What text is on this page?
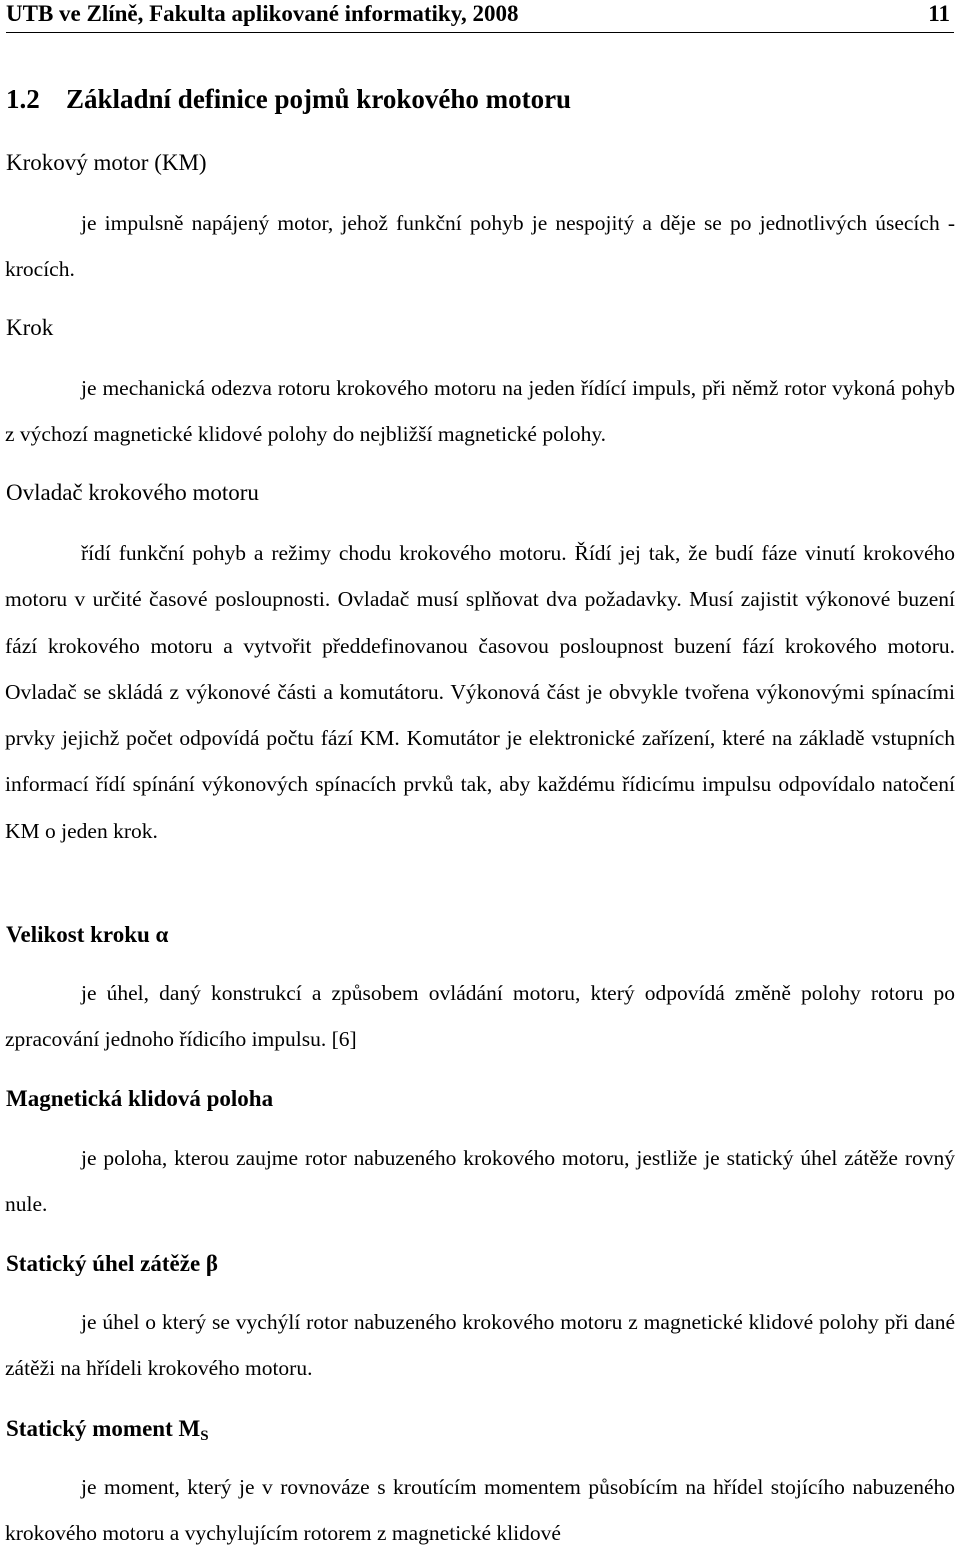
UTB ve Zlíně, Fakulta aplikované informatiky, 2008	11
1.2 Základní definice pojmů krokového motoru
Krokový motor (KM)

je impulsně napájený motor, jehož funkční pohyb je nespojitý a děje se po jednotlivých úsecích - krocích.

Krok

je mechanická odezva rotoru krokového motoru na jeden řídící impuls, při němž rotor vykoná pohyb z výchozí magnetické klidové polohy do nejbližší magnetické polohy.

Ovladač krokového motoru

řídí funkční pohyb a režimy chodu krokového motoru. Řídí jej tak, že budí fáze vinutí krokového motoru v určité časové posloupnosti. Ovladač musí splňovat dva požadavky. Musí zajistit výkonové buzení fází krokového motoru a vytvořit předdefinovanou časovou posloupnost buzení fází krokového motoru. Ovladač se skládá z výkonové části a komutátoru. Výkonová část je obvykle tvořena výkonovými spínacími prvky jejichž počet odpovídá počtu fází KM. Komutátor je elektronické zařízení, které na základě vstupních informací řídí spínání výkonových spínacích prvků tak, aby každému řídicímu impulsu odpovídalo natočení KM o jeden krok.

Velikost kroku α

je úhel, daný konstrukcí a způsobem ovládání motoru, který odpovídá změně polohy rotoru po zpracování jednoho řídicího impulsu. [6]

Magnetická klidová poloha

je poloha, kterou zaujme rotor nabuzeného krokového motoru, jestliže je statický úhel zátěže rovný nule.

Statický úhel zátěže β

je úhel o který se vychýlí rotor nabuzeného krokového motoru z magnetické klidové polohy při dané zátěži na hřídeli krokového motoru.

Statický moment $M_S$

je moment, který je v rovnováze s kroutícím momentem působícím na hřídel stojícího nabuzeného krokového motoru a vychylujícím rotorem z magnetické klidové
